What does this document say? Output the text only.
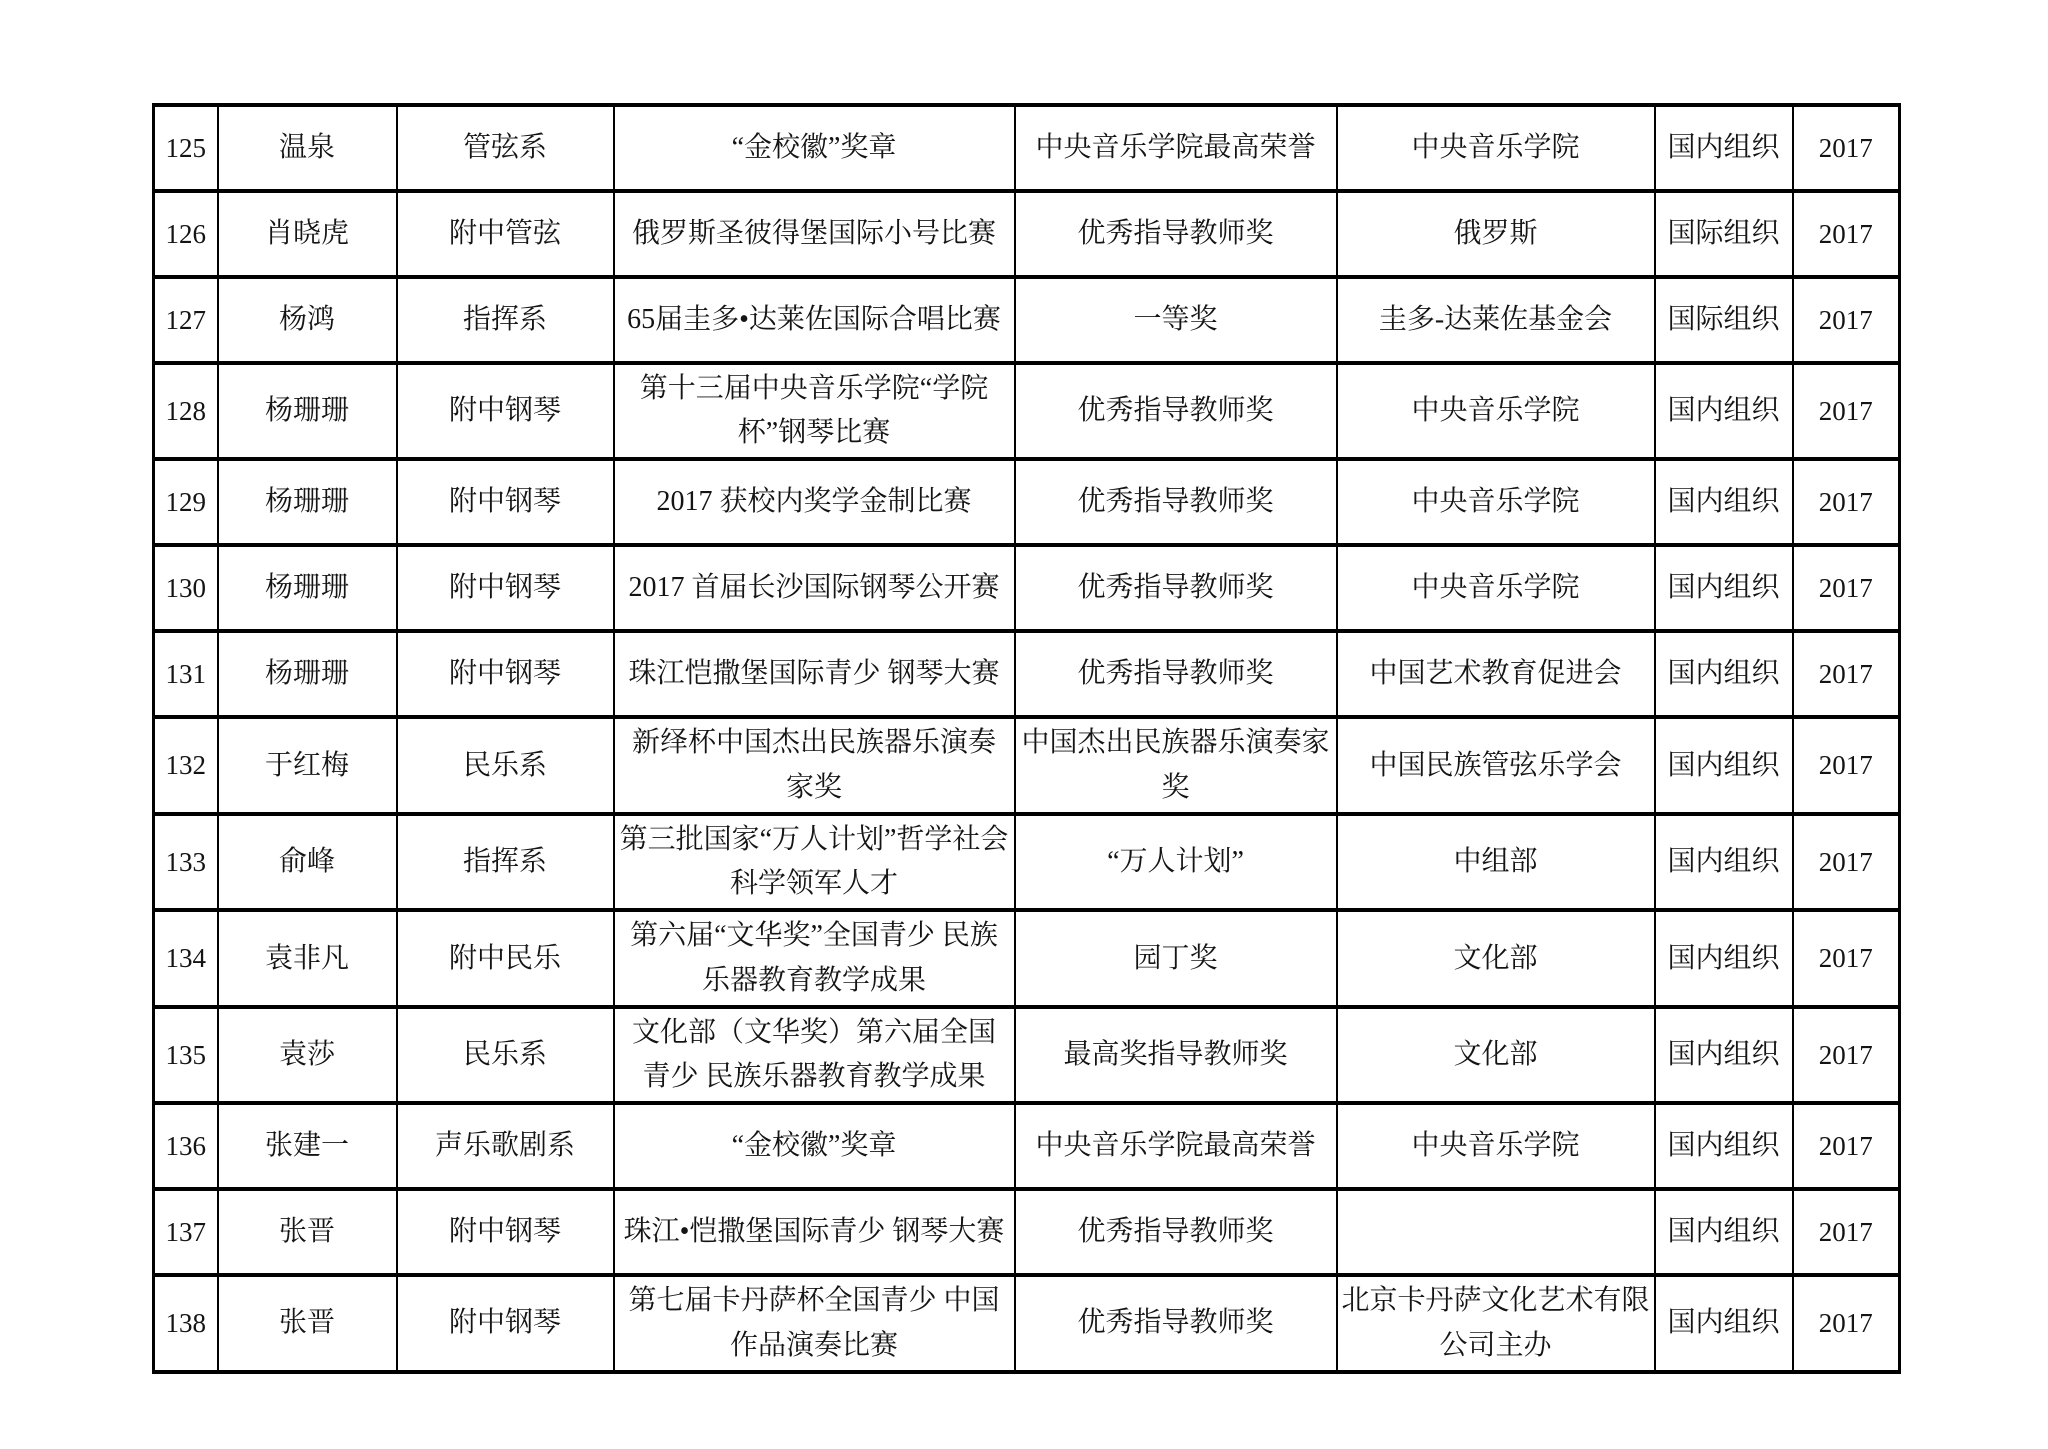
125	温泉	管弦系	“金校徽”奖章	中央音乐学院最高荣誉	中央音乐学院	国内组织	2017
126	肖晓虎	附中管弦	俄罗斯圣彼得堡国际小号比赛	优秀指导教师奖	俄罗斯	国际组织	2017
127	杨鸿	指挥系	65届圭多•达莱佐国际合唱比赛	一等奖	圭多-达莱佐基金会	国际组织	2017
128	杨珊珊	附中钢琴	第十三届中央音乐学院“学院杯”钢琴比赛	优秀指导教师奖	中央音乐学院	国内组织	2017
129	杨珊珊	附中钢琴	2017 获校内奖学金制比赛	优秀指导教师奖	中央音乐学院	国内组织	2017
130	杨珊珊	附中钢琴	2017 首届长沙国际钢琴公开赛	优秀指导教师奖	中央音乐学院	国内组织	2017
131	杨珊珊	附中钢琴	珠江恺撒堡国际青少 钢琴大赛	优秀指导教师奖	中国艺术教育促进会	国内组织	2017
132	于红梅	民乐系	新绎杯中国杰出民族器乐演奏家奖	中国杰出民族器乐演奏家奖	中国民族管弦乐学会	国内组织	2017
133	俞峰	指挥系	第三批国家“万人计划”哲学社会科学领军人才	“万人计划”	中组部	国内组织	2017
134	袁非凡	附中民乐	第六届“文华奖”全国青少 民族乐器教育教学成果	园丁奖	文化部	国内组织	2017
135	袁莎	民乐系	文化部（文华奖）第六届全国青少 民族乐器教育教学成果	最高奖指导教师奖	文化部	国内组织	2017
136	张建一	声乐歌剧系	“金校徽”奖章	中央音乐学院最高荣誉	中央音乐学院	国内组织	2017
137	张晋	附中钢琴	珠江•恺撒堡国际青少 钢琴大赛	优秀指导教师奖		国内组织	2017
138	张晋	附中钢琴	第七届卡丹萨杯全国青少 中国作品演奏比赛	优秀指导教师奖	北京卡丹萨文化艺术有限公司主办	国内组织	2017
